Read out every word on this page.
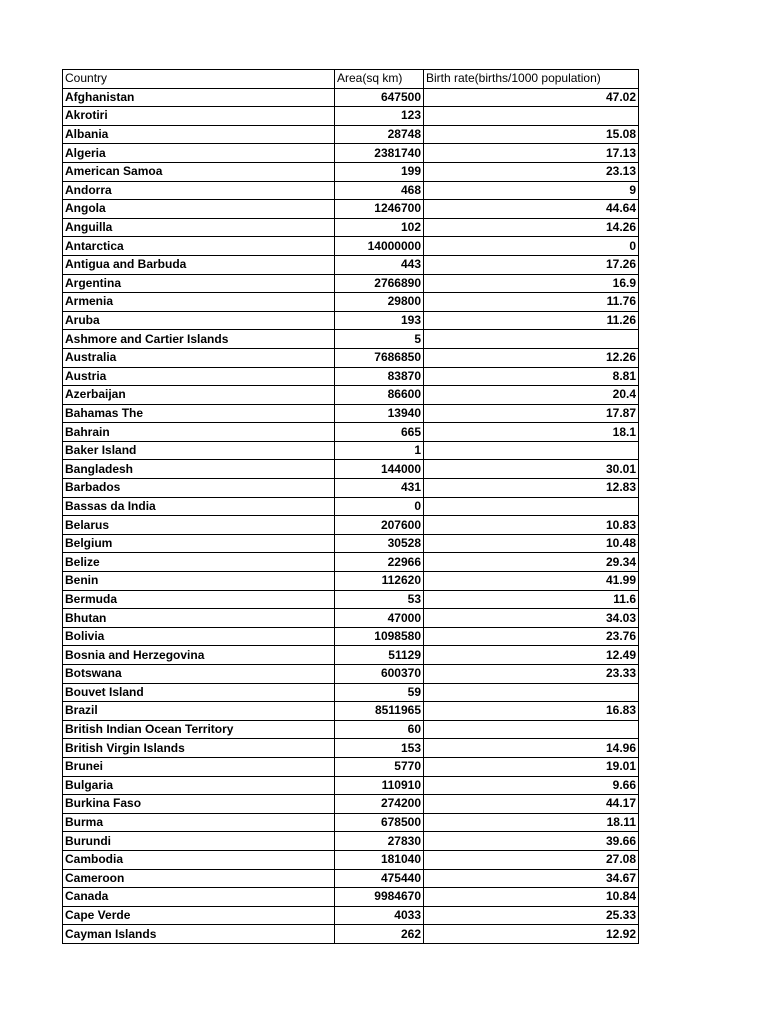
Country	Area(sq km)	Birth rate(births/1000 population)
Afghanistan	647500	47.02
Akrotiri	123	
Albania	28748	15.08
Algeria	2381740	17.13
American Samoa	199	23.13
Andorra	468	9
Angola	1246700	44.64
Anguilla	102	14.26
Antarctica	14000000	0
Antigua and Barbuda	443	17.26
Argentina	2766890	16.9
Armenia	29800	11.76
Aruba	193	11.26
Ashmore and Cartier Islands	5	
Australia	7686850	12.26
Austria	83870	8.81
Azerbaijan	86600	20.4
Bahamas The	13940	17.87
Bahrain	665	18.1
Baker Island	1	
Bangladesh	144000	30.01
Barbados	431	12.83
Bassas da India	0	
Belarus	207600	10.83
Belgium	30528	10.48
Belize	22966	29.34
Benin	112620	41.99
Bermuda	53	11.6
Bhutan	47000	34.03
Bolivia	1098580	23.76
Bosnia and Herzegovina	51129	12.49
Botswana	600370	23.33
Bouvet Island	59	
Brazil	8511965	16.83
British Indian Ocean Territory	60	
British Virgin Islands	153	14.96
Brunei	5770	19.01
Bulgaria	110910	9.66
Burkina Faso	274200	44.17
Burma	678500	18.11
Burundi	27830	39.66
Cambodia	181040	27.08
Cameroon	475440	34.67
Canada	9984670	10.84
Cape Verde	4033	25.33
Cayman Islands	262	12.92
